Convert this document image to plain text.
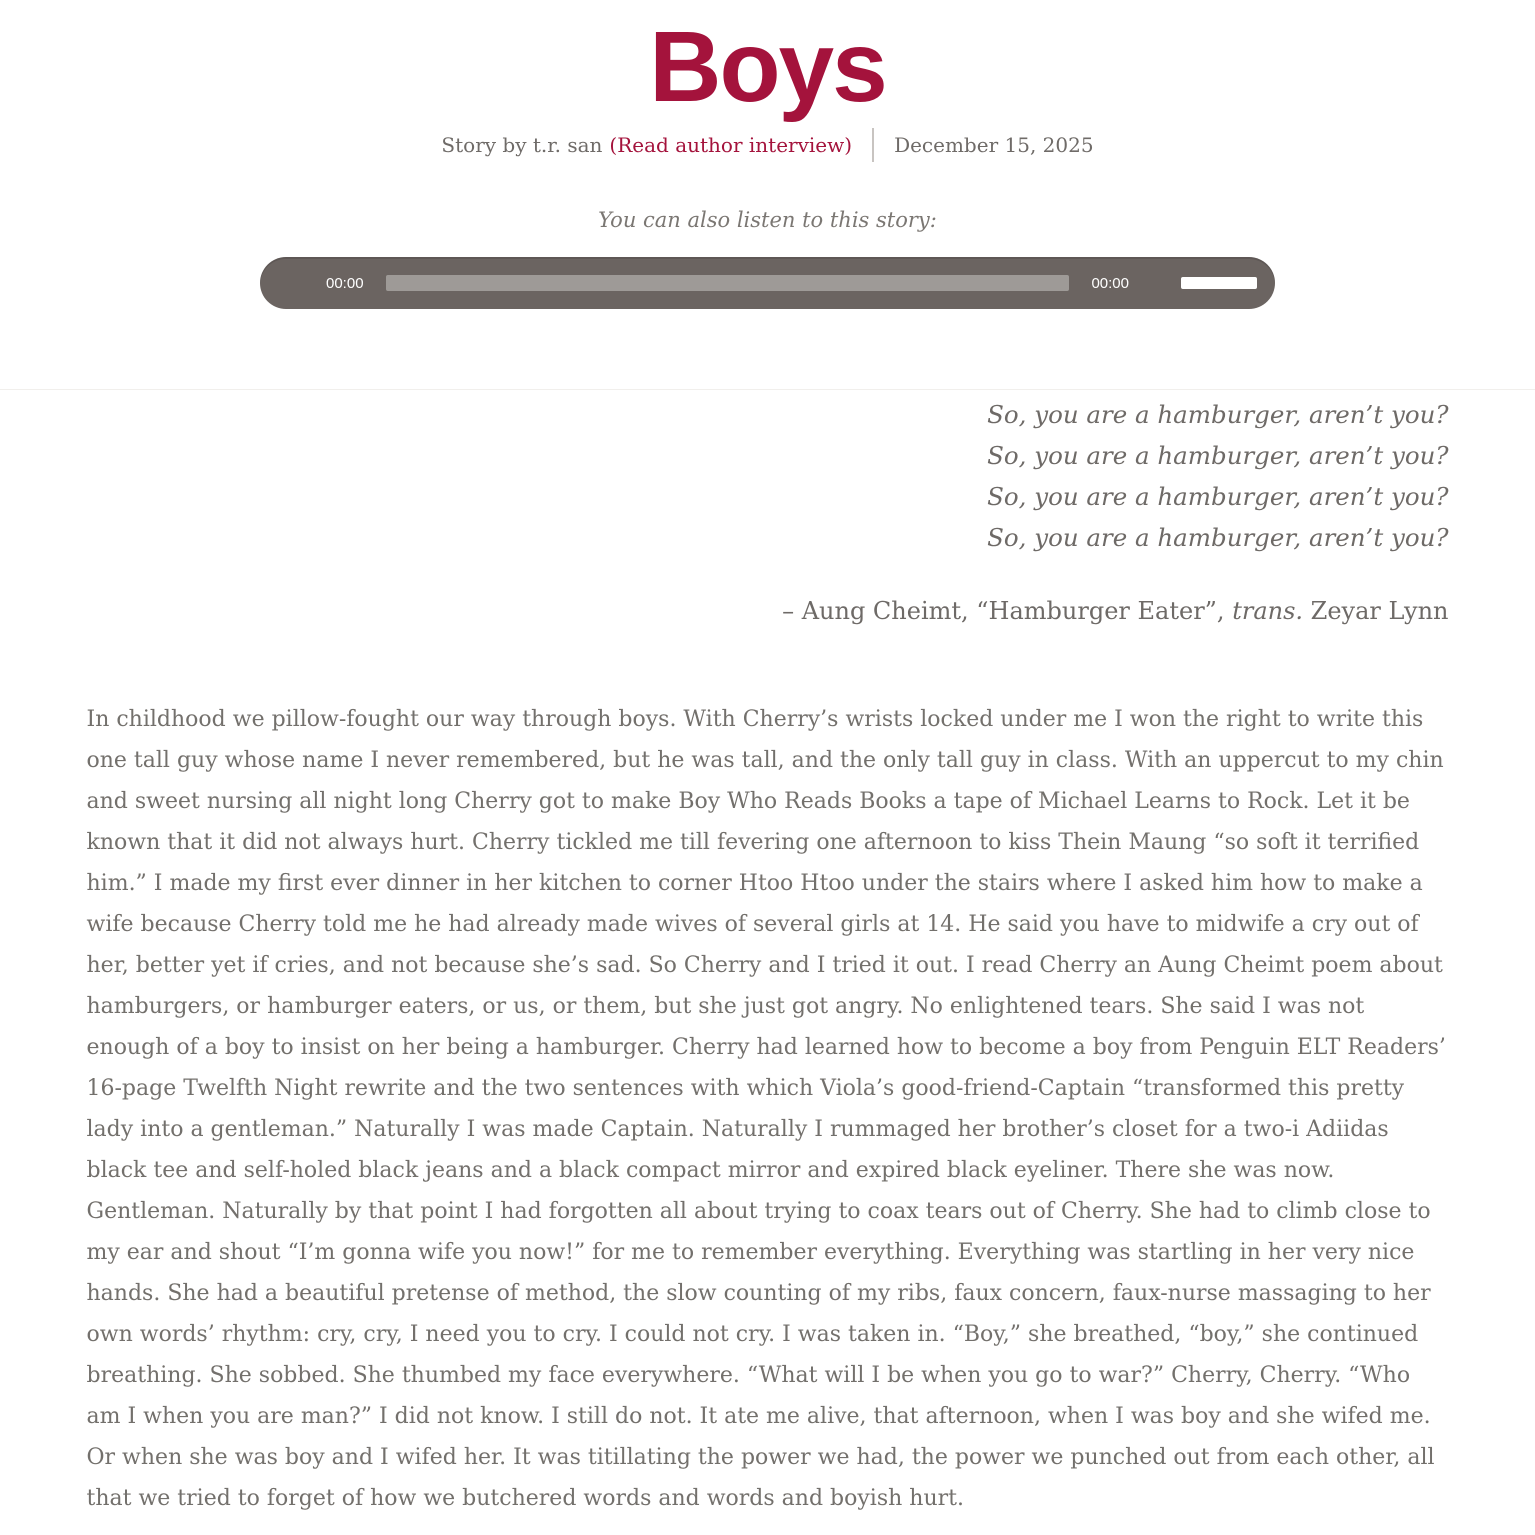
Boys
Story by t.r. san (Read author interview) December 15, 2025
You can also listen to this story:
00:00	00:00
So, you are a hamburger, aren’t you?
So, you are a hamburger, aren’t you?
So, you are a hamburger, aren’t you?
So, you are a hamburger, aren’t you?
– Aung Cheimt, “Hamburger Eater”, trans. Zeyar Lynn

In childhood we pillow-fought our way through boys. With Cherry’s wrists locked under me I won the right to write this one tall guy whose name I never remembered, but he was tall, and the only tall guy in class. With an uppercut to my chin and sweet nursing all night long Cherry got to make Boy Who Reads Books a tape of Michael Learns to Rock. Let it be known that it did not always hurt. Cherry tickled me till fevering one afternoon to kiss Thein Maung “so soft it terrified him.” I made my first ever dinner in her kitchen to corner Htoo Htoo under the stairs where I asked him how to make a wife because Cherry told me he had already made wives of several girls at 14. He said you have to midwife a cry out of her, better yet if cries, and not because she’s sad. So Cherry and I tried it out. I read Cherry an Aung Cheimt poem about hamburgers, or hamburger eaters, or us, or them, but she just got angry. No enlightened tears. She said I was not enough of a boy to insist on her being a hamburger. Cherry had learned how to become a boy from Penguin ELT Readers’ 16-page Twelfth Night rewrite and the two sentences with which Viola’s good-friend-Captain “transformed this pretty lady into a gentleman.” Naturally I was made Captain. Naturally I rummaged her brother’s closet for a two-i Adiidas black tee and self-holed black jeans and a black compact mirror and expired black eyeliner. There she was now. Gentleman. Naturally by that point I had forgotten all about trying to coax tears out of Cherry. She had to climb close to my ear and shout “I’m gonna wife you now!” for me to remember everything. Everything was startling in her very nice hands. She had a beautiful pretense of method, the slow counting of my ribs, faux concern, faux-nurse massaging to her own words’ rhythm: cry, cry, I need you to cry. I could not cry. I was taken in. “Boy,” she breathed, “boy,” she continued breathing. She sobbed. She thumbed my face everywhere. “What will I be when you go to war?” Cherry, Cherry. “Who am I when you are man?” I did not know. I still do not. It ate me alive, that afternoon, when I was boy and she wifed me. Or when she was boy and I wifed her. It was titillating the power we had, the power we punched out from each other, all that we tried to forget of how we butchered words and words and boyish hurt.
